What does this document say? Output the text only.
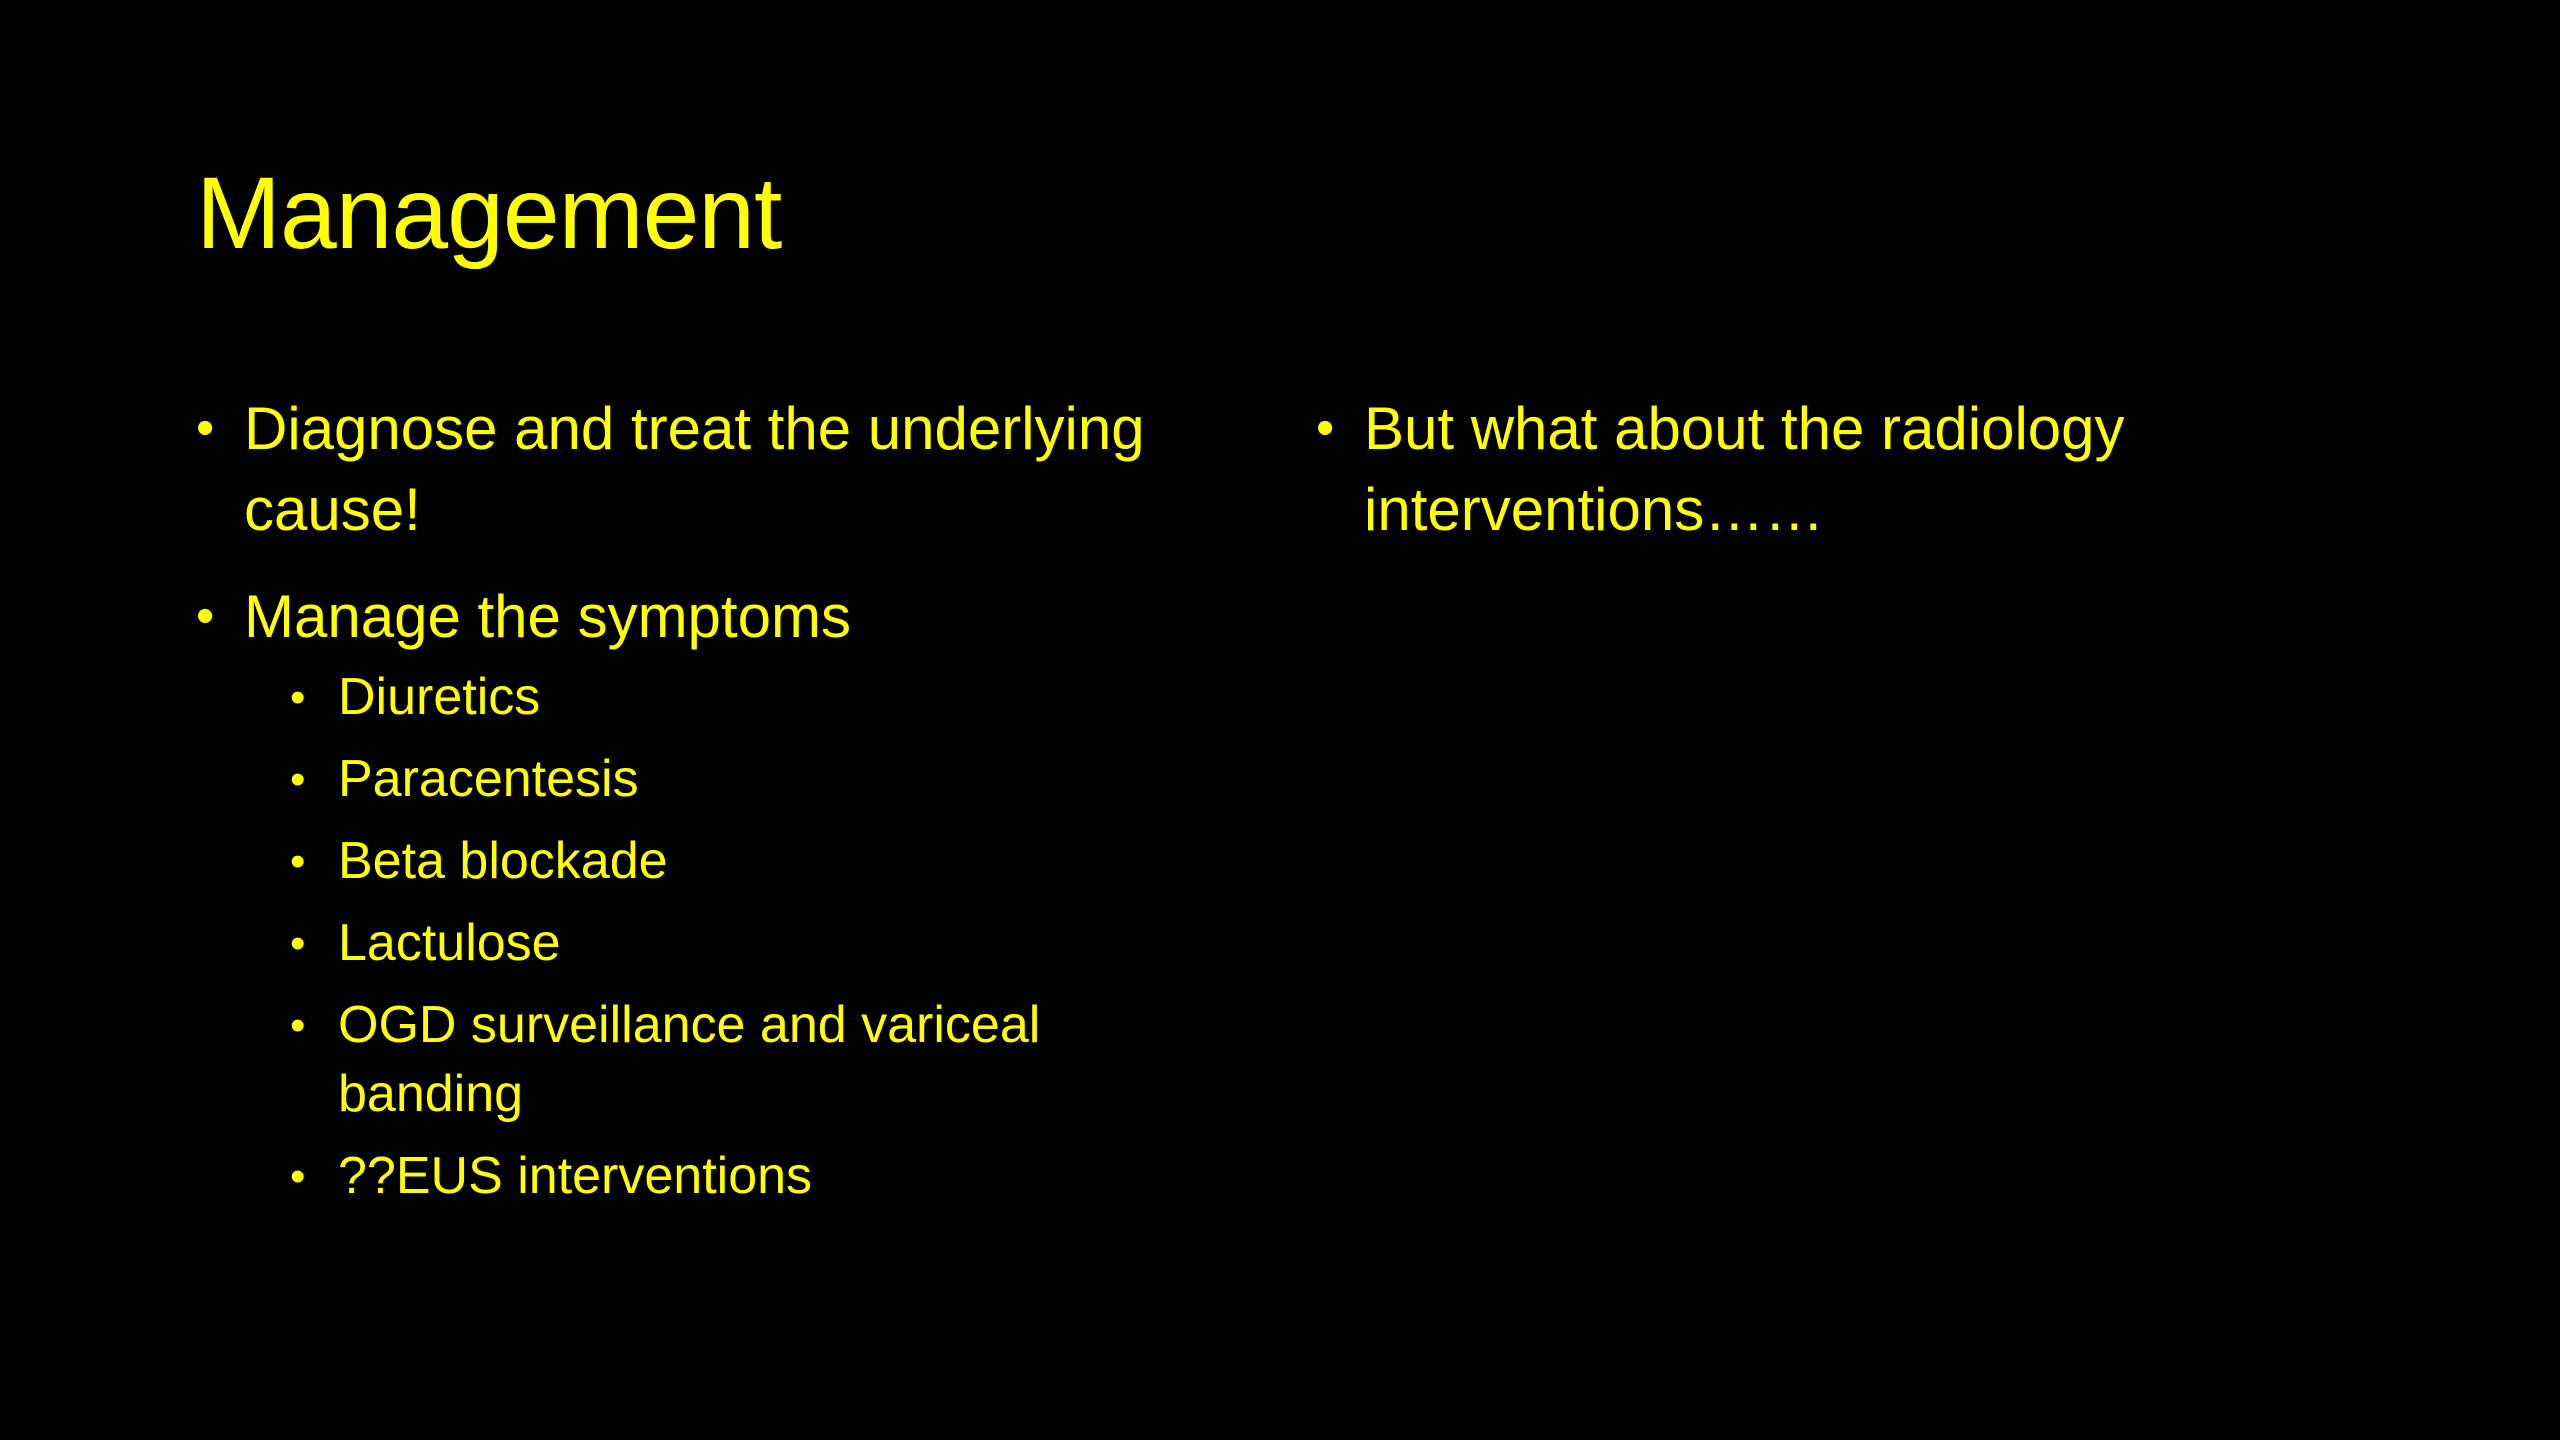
Management
• Diagnose and treat the underlying cause!
• Manage the symptoms
• Diuretics
• Paracentesis
• Beta blockade
• Lactulose
• OGD surveillance and variceal banding
• ??EUS interventions
• But what about the radiology interventions……
